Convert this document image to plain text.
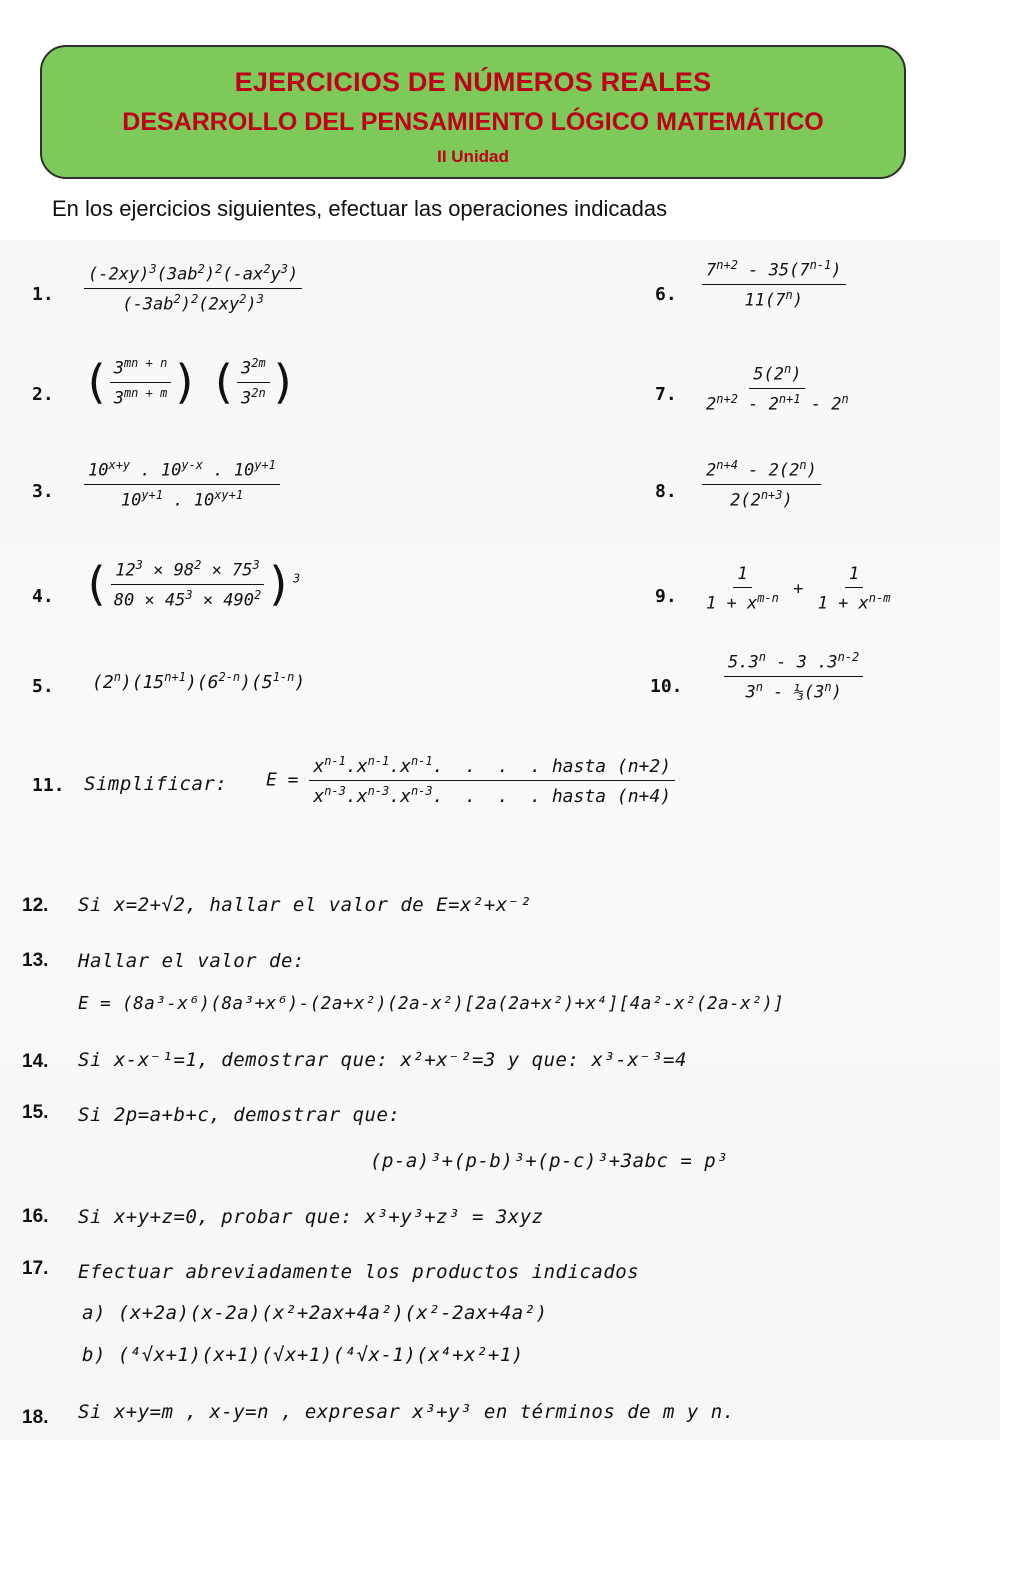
EJERCICIOS DE NÚMEROS REALES
DESARROLLO DEL PENSAMIENTO LÓGICO MATEMÁTICO
II Unidad
En los ejercicios siguientes, efectuar las operaciones indicadas
1. $\frac{(-2xy)^3(3ab^2)^2(-ax^2y^3)}{(-3ab^2)^2(2xy^2)^3}$	6. $\frac{7^{n+2} - 35(7^{n-1})}{11(7^n)}$
2. ( $\frac{3^{mn + n}}{3^{mn + m}}$ ) ( $\frac{3^{2m}}{3^{2n}}$ )	7. $\frac{5(2^n)}{2^{n+2} - 2^{n+1} - 2^n}$
3. $\frac{10^{x+y} . 10^{y-x} . 10^{y+1}}{10^{y+1} . 10^{xy+1}}$	8. $\frac{2^{n+4} - 2(2^n)}{2(2^{n+3})}$
4. ( $\frac{12^3 \times 98^2 \times 75^3}{80 \times 45^3 \times 490^2} )^3$
9. $\frac{1}{1 + x^{m-n}} + \frac{1}{1 + x^{n-m}}$
5. $(2^n)(15^{n+1})(6^{2-n})(5^{1-n})$	10. $\frac{5.3^n - 3 .3^{n-2}}{3^n - \frac{1}{3}(3^n)}$
11. Simplificar: $E = \frac{x^{n-1}.x^{n-1}.x^{n-1}. . . . hasta (n+2)}{x^{n-3}.x^{n-3}.x^{n-3}. . . . hasta (n+4)}$
12. Si x=2+√2, hallar el valor de E=x²+x⁻²
13. Hallar el valor de:
E = (8a³-x⁶)(8a³+x⁶)-(2a+x²)(2a-x²)[2a(2a+x²)+x⁴][4a²-x²(2a-x²)]
14. Si x-x⁻¹=1, demostrar que: x²+x⁻²=3 y que: x³-x⁻³=4
15. Si 2p=a+b+c, demostrar que:
(p-a)³+(p-b)³+(p-c)³+3abc = p³
16. Si x+y+z=0, probar que: x³+y³+z³ = 3xyz
17. Efectuar abreviadamente los productos indicados
a) (x+2a)(x-2a)(x²+2ax+4a²)(x²-2ax+4a²)
b) (⁴√x+1)(x+1)(√x+1)(⁴√x-1)(x⁴+x²+1)
18. Si x+y=m , x-y=n , expresar x³+y³ en términos de m y n.
